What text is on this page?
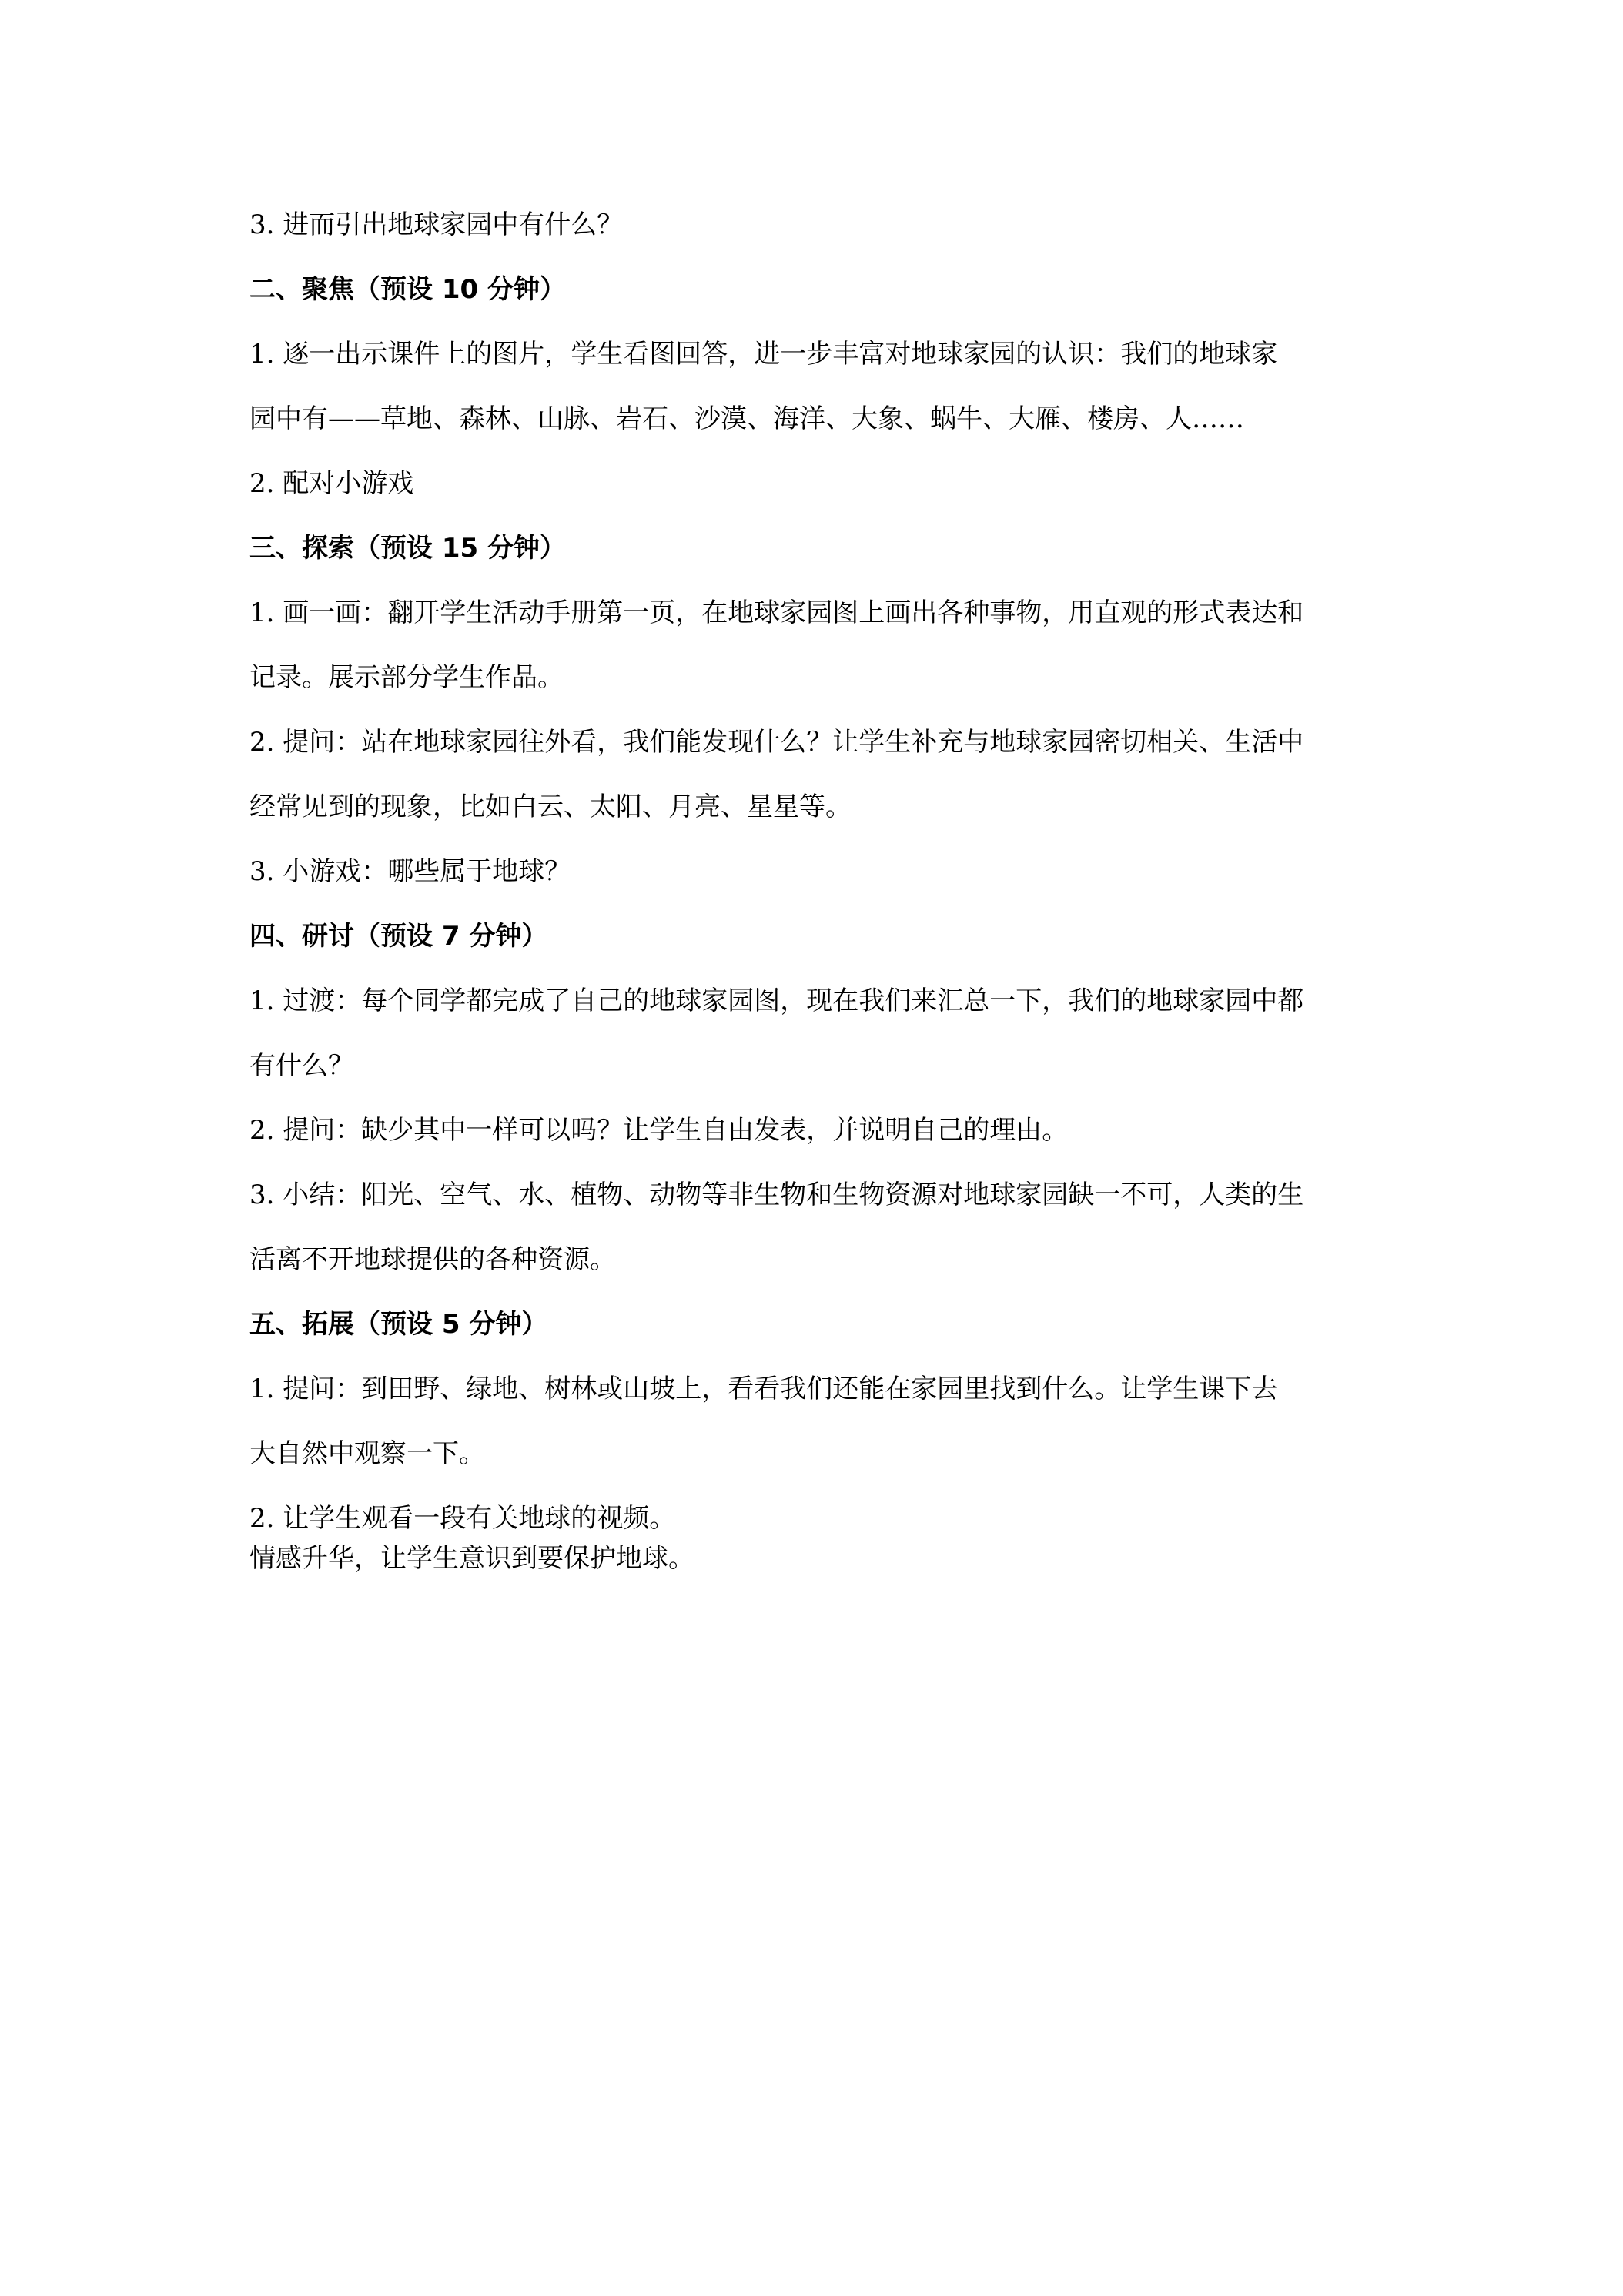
3. 进而引出地球家园中有什么？

二、聚焦（预设 10 分钟）

1. 逐一出示课件上的图片，学生看图回答，进一步丰富对地球家园的认识：我们的地球家

园中有——草地、森林、山脉、岩石、沙漠、海洋、大象、蜗牛、大雁、楼房、人……

2. 配对小游戏

三、探索（预设 15 分钟）

1. 画一画：翻开学生活动手册第一页，在地球家园图上画出各种事物，用直观的形式表达和

记录。展示部分学生作品。

2. 提问：站在地球家园往外看，我们能发现什么？让学生补充与地球家园密切相关、生活中

经常见到的现象，比如白云、太阳、月亮、星星等。

3. 小游戏：哪些属于地球？

四、研讨（预设 7 分钟）

1. 过渡：每个同学都完成了自己的地球家园图，现在我们来汇总一下，我们的地球家园中都

有什么？

2. 提问：缺少其中一样可以吗？让学生自由发表，并说明自己的理由。

3. 小结：阳光、空气、水、植物、动物等非生物和生物资源对地球家园缺一不可，人类的生

活离不开地球提供的各种资源。

五、拓展（预设 5 分钟）

1. 提问：到田野、绿地、树林或山坡上，看看我们还能在家园里找到什么。让学生课下去

大自然中观察一下。

2. 让学生观看一段有关地球的视频。

情感升华，让学生意识到要保护地球。
